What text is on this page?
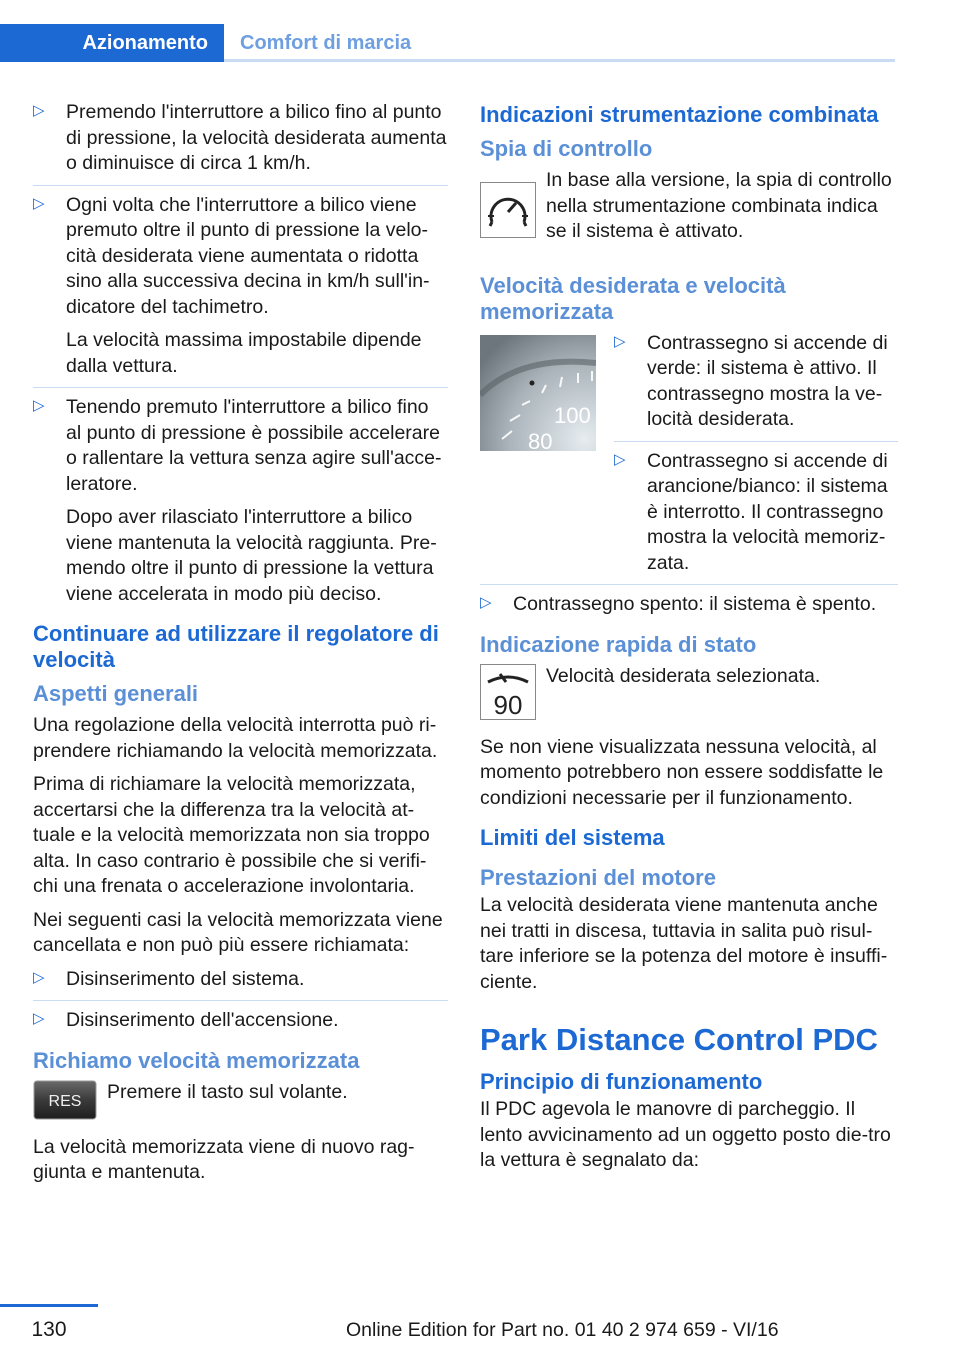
Azionamento	Comfort di marcia
▷ Premendo l'interruttore a bilico fino al punto di pressione, la velocità desiderata aumenta o diminuisce di circa 1 km/h.

▷ Ogni volta che l'interruttore a bilico viene premuto oltre il punto di pressione la velo‐cità desiderata viene aumentata o ridotta sino alla successiva decina in km/h sull'in‐dicatore del tachimetro.

La velocità massima impostabile dipende dalla vettura.

▷ Tenendo premuto l'interruttore a bilico fino al punto di pressione è possibile accelerare o rallentare la vettura senza agire sull'acce‐leratore.

Dopo aver rilasciato l'interruttore a bilico viene mantenuta la velocità raggiunta. Pre‐mendo oltre il punto di pressione la vettura viene accelerata in modo più deciso.

Continuare ad utilizzare il regolatore di velocità
Aspetti generali

Una regolazione della velocità interrotta può ri‐prendere richiamando la velocità memorizzata.

Prima di richiamare la velocità memorizzata, accertarsi che la differenza tra la velocità at‐tuale e la velocità memorizzata non sia troppo alta. In caso contrario è possibile che si verifi‐chi una frenata o accelerazione involontaria.

Nei seguenti casi la velocità memorizzata viene cancellata e non può più essere richiamata:

▷ Disinserimento del sistema.

▷ Disinserimento dell'accensione.

Richiamo velocità memorizzata
RES Premere il tasto sul volante.

La velocità memorizzata viene di nuovo rag‐giunta e mantenuta.

Indicazioni strumentazione combinata
Spia di controllo

In base alla versione, la spia di controllo nella strumentazione combinata indica se il sistema è attivato.

Velocità desiderata e velocità memorizzata
100
80
▷ Contrassegno si accende di verde: il sistema è attivo. Il contrassegno mostra la ve‐locità desiderata.

▷ Contrassegno si accende di arancione/bianco: il sistema è interrotto. Il contrassegno mostra la velocità memoriz‐zata.

▷ Contrassegno spento: il sistema è spento.

Indicazione rapida di stato
90

Velocità desiderata selezionata.

Se non viene visualizzata nessuna velocità, al momento potrebbero non essere soddisfatte le condizioni necessarie per il funzionamento.

Limiti del sistema
Prestazioni del motore

La velocità desiderata viene mantenuta anche nei tratti in discesa, tuttavia in salita può risul‐tare inferiore se la potenza del motore è insuffi‐ciente.

Park Distance Control PDC
Principio di funzionamento

Il PDC agevola le manovre di parcheggio. Il lento avvicinamento ad un oggetto posto die‐tro la vettura è segnalato da:

130	Online Edition for Part no. 01 40 2 974 659 - VI/16
